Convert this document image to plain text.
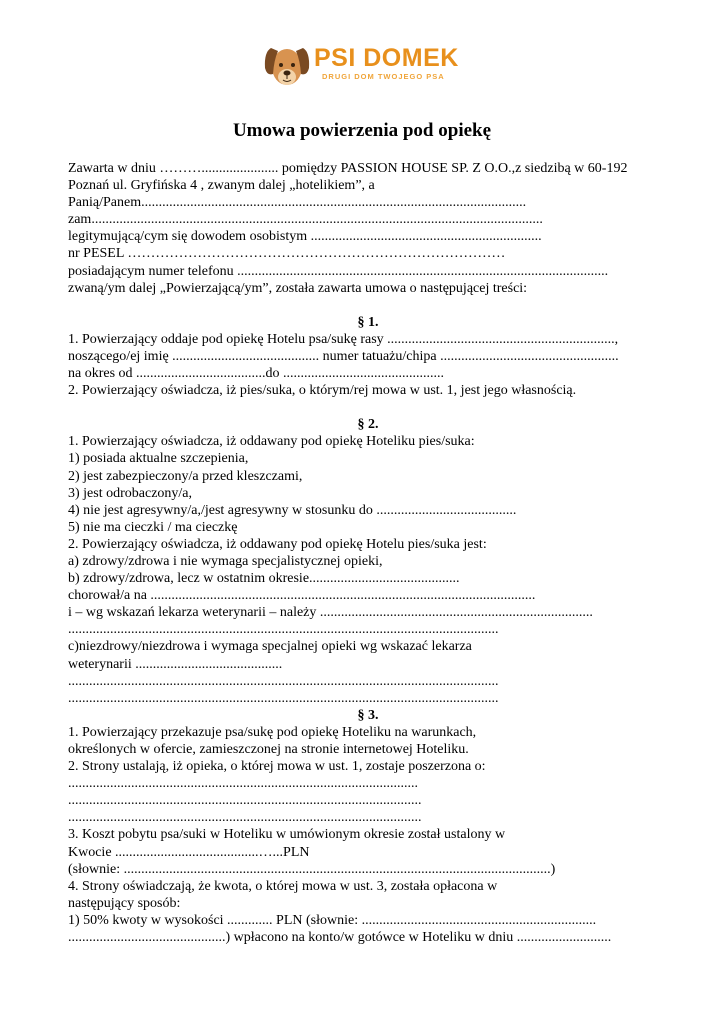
PSI DOMEK
DRUGI DOM TWOJEGO PSA
Umowa powierzenia pod opiekę
Zawarta w dniu ………...................... pomiędzy PASSION HOUSE SP. Z O.O.,z siedzibą w 60-192
Poznań ul. Gryfińska 4 , zwanym dalej „hotelikiem”, a
Panią/Panem..............................................................................................................
zam.................................................................................................................................
legitymującą/cym się dowodem osobistym ..................................................................
nr PESEL ………………………………………………………………………
posiadającym numer telefonu ..........................................................................................................
zwaną/ym dalej „Powierzającą/ym”, została zawarta umowa o następującej treści:
§ 1.
1. Powierzający oddaje pod opiekę Hotelu psa/sukę rasy .................................................................,
noszącego/ej imię .......................................... numer tatuażu/chipa ...................................................
na okres od .....................................do ..............................................
2. Powierzający oświadcza, iż pies/suka, o którym/rej mowa w ust. 1, jest jego własnością.
§ 2.
1. Powierzający oświadcza, iż oddawany pod opiekę Hoteliku pies/suka:
1) posiada aktualne szczepienia,
2) jest zabezpieczony/a przed kleszczami,
3) jest odrobaczony/a,
4) nie jest agresywny/a,/jest agresywny w stosunku do ........................................
5) nie ma cieczki / ma cieczkę
2. Powierzający oświadcza, iż oddawany pod opiekę Hotelu pies/suka jest:
a) zdrowy/zdrowa i nie wymaga specjalistycznej opieki,
b) zdrowy/zdrowa, lecz w ostatnim okresie...........................................
chorował/a na ..............................................................................................................
i – wg wskazań lekarza weterynarii – należy ..............................................................................
...........................................................................................................................
c)niezdrowy/niezdrowa i wymaga specjalnej opieki wg wskazać lekarza
weterynarii ..........................................
...........................................................................................................................
...........................................................................................................................
§ 3.
1. Powierzający przekazuje psa/sukę pod opiekę Hoteliku na warunkach,
określonych w ofercie, zamieszczonej na stronie internetowej Hoteliku.
2. Strony ustalają, iż opieka, o której mowa w ust. 1, zostaje poszerzona o:
....................................................................................................
.....................................................................................................
.....................................................................................................
3. Koszt pobytu psa/suki w Hoteliku w umówionym okresie został ustalony w
Kwocie .........................................…...PLN
(słownie: ..........................................................................................................................)
4. Strony oświadczają, że kwota, o której mowa w ust. 3, została opłacona w
następujący sposób:
1) 50% kwoty w wysokości ............. PLN (słownie: ...................................................................
.............................................) wpłacono na konto/w gotówce w Hoteliku w dniu ...........................
